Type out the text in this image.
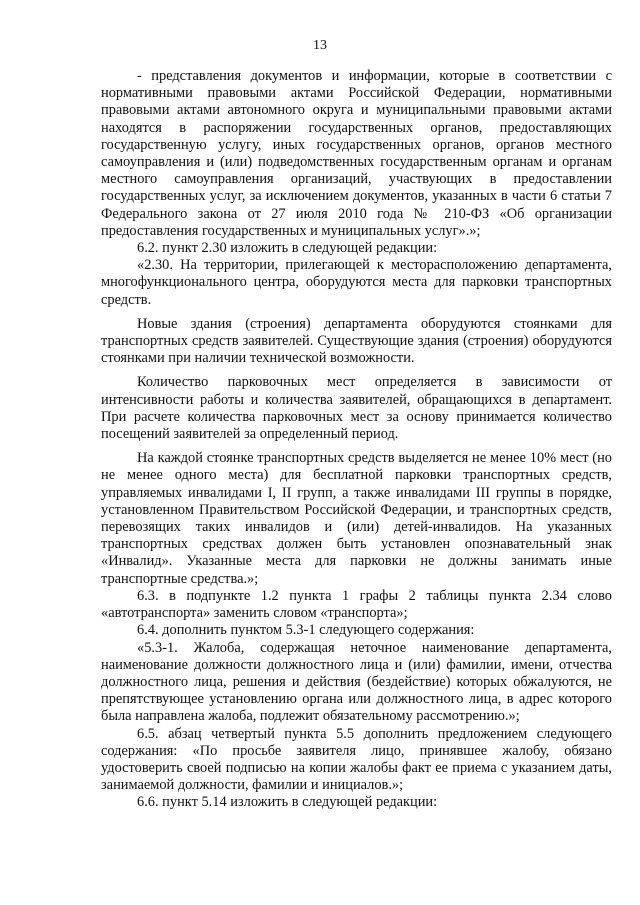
13

- представления документов и информации, которые в соответствии с нормативными правовыми актами Российской Федерации, нормативными правовыми актами автономного округа и муниципальными правовыми актами находятся в распоряжении государственных органов, предоставляющих государственную услугу, иных государственных органов, органов местного самоуправления и (или) подведомственных государственным органам и органам местного самоуправления организаций, участвующих в предоставлении государственных услуг, за исключением документов, указанных в части 6 статьи 7 Федерального закона от 27 июля 2010 года № 210-ФЗ «Об организации предоставления государственных и муниципальных услуг».»;

6.2. пункт 2.30 изложить в следующей редакции:

«2.30. На территории, прилегающей к месторасположению департамента, многофункционального центра, оборудуются места для парковки транспортных средств.

Новые здания (строения) департамента оборудуются стоянками для транспортных средств заявителей. Существующие здания (строения) оборудуются стоянками при наличии технической возможности.

Количество парковочных мест определяется в зависимости от интенсивности работы и количества заявителей, обращающихся в департамент. При расчете количества парковочных мест за основу принимается количество посещений заявителей за определенный период.

На каждой стоянке транспортных средств выделяется не менее 10% мест (но не менее одного места) для бесплатной парковки транспортных средств, управляемых инвалидами I, II групп, а также инвалидами III группы в порядке, установленном Правительством Российской Федерации, и транспортных средств, перевозящих таких инвалидов и (или) детей-инвалидов. На указанных транспортных средствах должен быть установлен опознавательный знак «Инвалид». Указанные места для парковки не должны занимать иные транспортные средства.»;

6.3. в подпункте 1.2 пункта 1 графы 2 таблицы пункта 2.34 слово «автотранспорта» заменить словом «транспорта»;

6.4. дополнить пунктом 5.3-1 следующего содержания:

«5.3-1. Жалоба, содержащая неточное наименование департамента, наименование должности должностного лица и (или) фамилии, имени, отчества должностного лица, решения и действия (бездействие) которых обжалуются, не препятствующее установлению органа или должностного лица, в адрес которого была направлена жалоба, подлежит обязательному рассмотрению.»;

6.5. абзац четвертый пункта 5.5 дополнить предложением следующего содержания: «По просьбе заявителя лицо, принявшее жалобу, обязано удостоверить своей подписью на копии жалобы факт ее приема с указанием даты, занимаемой должности, фамилии и инициалов.»;

6.6. пункт 5.14 изложить в следующей редакции:
